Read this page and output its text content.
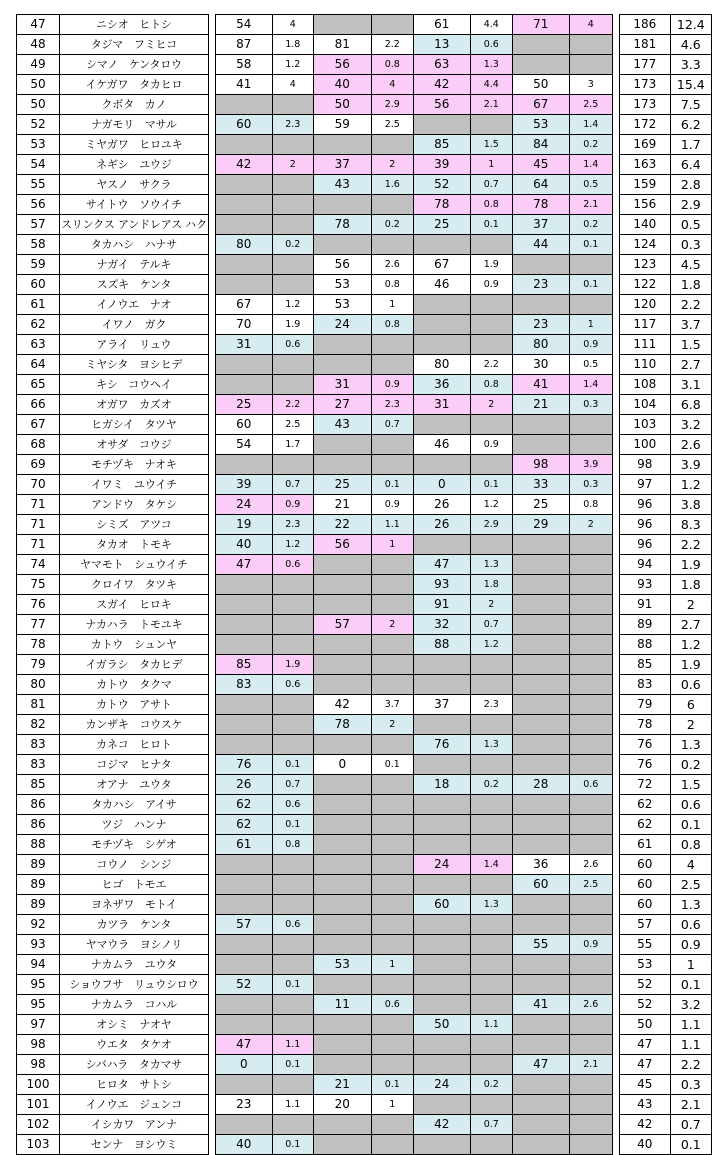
47	ニシオ　ヒトシ		54	4			61	4.4	71	4		186	12.4
48	タジマ　フミヒコ		87	1.8	81	2.2	13	0.6				181	4.6
49	シマノ　ケンタロウ		58	1.2	56	0.8	63	1.3				177	3.3
50	イケガワ　タカヒロ		41	4	40	4	42	4.4	50	3		173	15.4
50	クボタ　カノ				50	2.9	56	2.1	67	2.5		173	7.5
52	ナガモリ　マサル		60	2.3	59	2.5			53	1.4		172	6.2
53	ミヤガワ　ヒロユキ						85	1.5	84	0.2		169	1.7
54	ネギシ　ユウジ		42	2	37	2	39	1	45	1.4		163	6.4
55	ヤスノ　サクラ				43	1.6	52	0.7	64	0.5		159	2.8
56	サイトウ　ソウイチ						78	0.8	78	2.1		156	2.9
57	スリンクス アンドレアス ハク				78	0.2	25	0.1	37	0.2		140	0.5
58	タカハシ　ハナサ		80	0.2					44	0.1		124	0.3
59	ナガイ　テルキ				56	2.6	67	1.9				123	4.5
60	スズキ　ケンタ				53	0.8	46	0.9	23	0.1		122	1.8
61	イノウエ　ナオ		67	1.2	53	1						120	2.2
62	イワノ　ガク		70	1.9	24	0.8			23	1		117	3.7
63	アライ　リュウ		31	0.6					80	0.9		111	1.5
64	ミヤシタ　ヨシヒデ						80	2.2	30	0.5		110	2.7
65	キシ　コウヘイ				31	0.9	36	0.8	41	1.4		108	3.1
66	オガワ　カズオ		25	2.2	27	2.3	31	2	21	0.3		104	6.8
67	ヒガシイ　タツヤ		60	2.5	43	0.7						103	3.2
68	オサダ　コウジ		54	1.7			46	0.9				100	2.6
69	モチヅキ　ナオキ								98	3.9		98	3.9
70	イワミ　ユウイチ		39	0.7	25	0.1	0	0.1	33	0.3		97	1.2
71	アンドウ　タケシ		24	0.9	21	0.9	26	1.2	25	0.8		96	3.8
71	シミズ　アツコ		19	2.3	22	1.1	26	2.9	29	2		96	8.3
71	タカオ　トモキ		40	1.2	56	1						96	2.2
74	ヤマモト　シュウイチ		47	0.6			47	1.3				94	1.9
75	クロイワ　タツキ						93	1.8				93	1.8
76	スガイ　ヒロキ						91	2				91	2
77	ナカハラ　トモユキ				57	2	32	0.7				89	2.7
78	カトウ　シュンヤ						88	1.2				88	1.2
79	イガラシ　タカヒデ		85	1.9								85	1.9
80	カトウ　タクマ		83	0.6								83	0.6
81	カトウ　アサト				42	3.7	37	2.3				79	6
82	カンザキ　コウスケ				78	2						78	2
83	カネコ　ヒロト						76	1.3				76	1.3
83	コジマ　ヒナタ		76	0.1	0	0.1						76	0.2
85	オアナ　ユウタ		26	0.7			18	0.2	28	0.6		72	1.5
86	タカハシ　アイサ		62	0.6								62	0.6
86	ツジ　ハンナ		62	0.1								62	0.1
88	モチヅキ　シゲオ		61	0.8								61	0.8
89	コウノ　シンジ						24	1.4	36	2.6		60	4
89	ヒゴ　トモエ								60	2.5		60	2.5
89	ヨネザワ　モトイ						60	1.3				60	1.3
92	カツラ　ケンタ		57	0.6								57	0.6
93	ヤマウラ　ヨシノリ								55	0.9		55	0.9
94	ナカムラ　ユウタ				53	1						53	1
95	ショウフサ　リュウシロウ		52	0.1								52	0.1
95	ナカムラ　コハル				11	0.6			41	2.6		52	3.2
97	オシミ　ナオヤ						50	1.1				50	1.1
98	ウエタ　タケオ		47	1.1								47	1.1
98	シバハラ　タカマサ		0	0.1					47	2.1		47	2.2
100	ヒロタ　サトシ				21	0.1	24	0.2				45	0.3
101	イノウエ　ジュンコ		23	1.1	20	1						43	2.1
102	イシカワ　アンナ						42	0.7				42	0.7
103	センナ　ヨシウミ		40	0.1								40	0.1
